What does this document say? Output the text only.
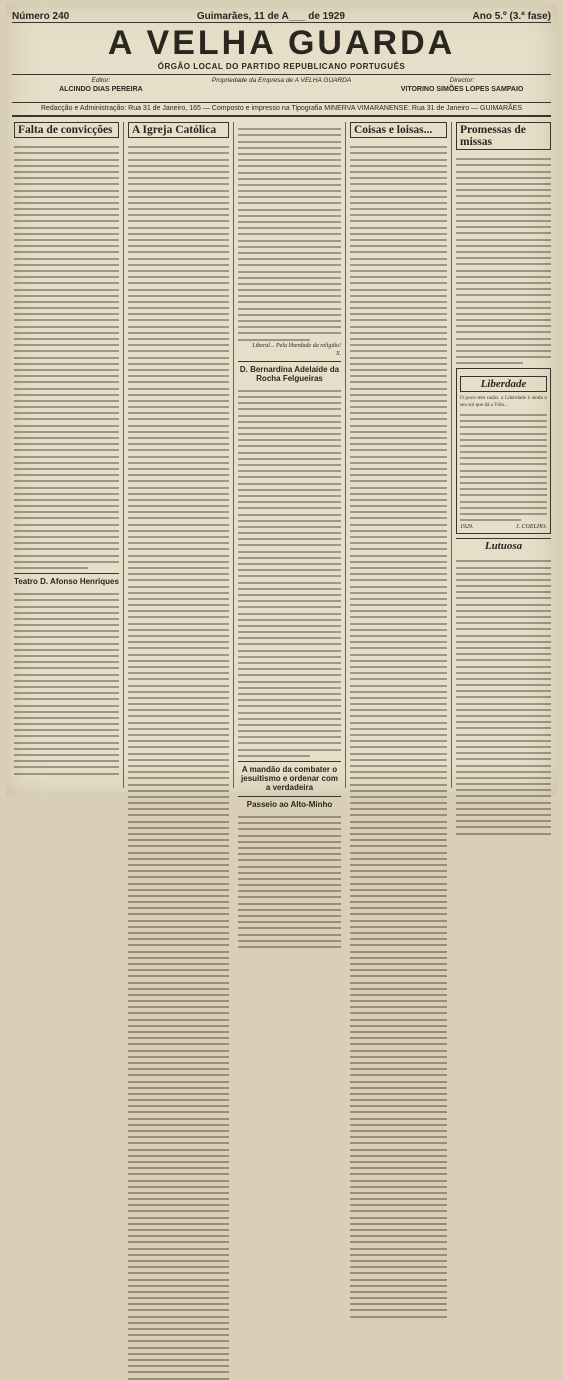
Número 240	Guimarães, 11 de A___ de 1929	Ano 5.º (3.ª fase)
A VELHA GUARDA
ÓRGÃO LOCAL DO PARTIDO REPUBLICANO PORTUGUÊS
Editor:
ALCINDO DIAS PEREIRA
Propriedade da Empresa de A VELHA GUARDA	Director:
VITORINO SIMÕES LOPES SAMPAIO
Redacção e Administração: Rua 31 de Janeiro, 165 — Composto e impresso na Tipografia MINERVA VIMARANENSE: Rua 31 de Janeiro — GUIMARÃES
Falta de convicções
Teatro D. Afonso Henriques
A Igreja Católica
Liberal... Pela liberdade da religião!
X.
D. Bernardina Adelaide da Rocha Felgueiras
A mandão da combater o jesuitismo e ordenar com a verdadeira
Passeio ao Alto-Minho
Coisas e loisas...	Promessas de missas
Liberdade
O povo tem razão: a Liberdade é ainda o seu sol que dá a Vida...
1929.	J. COELHO.
Lutuosa
